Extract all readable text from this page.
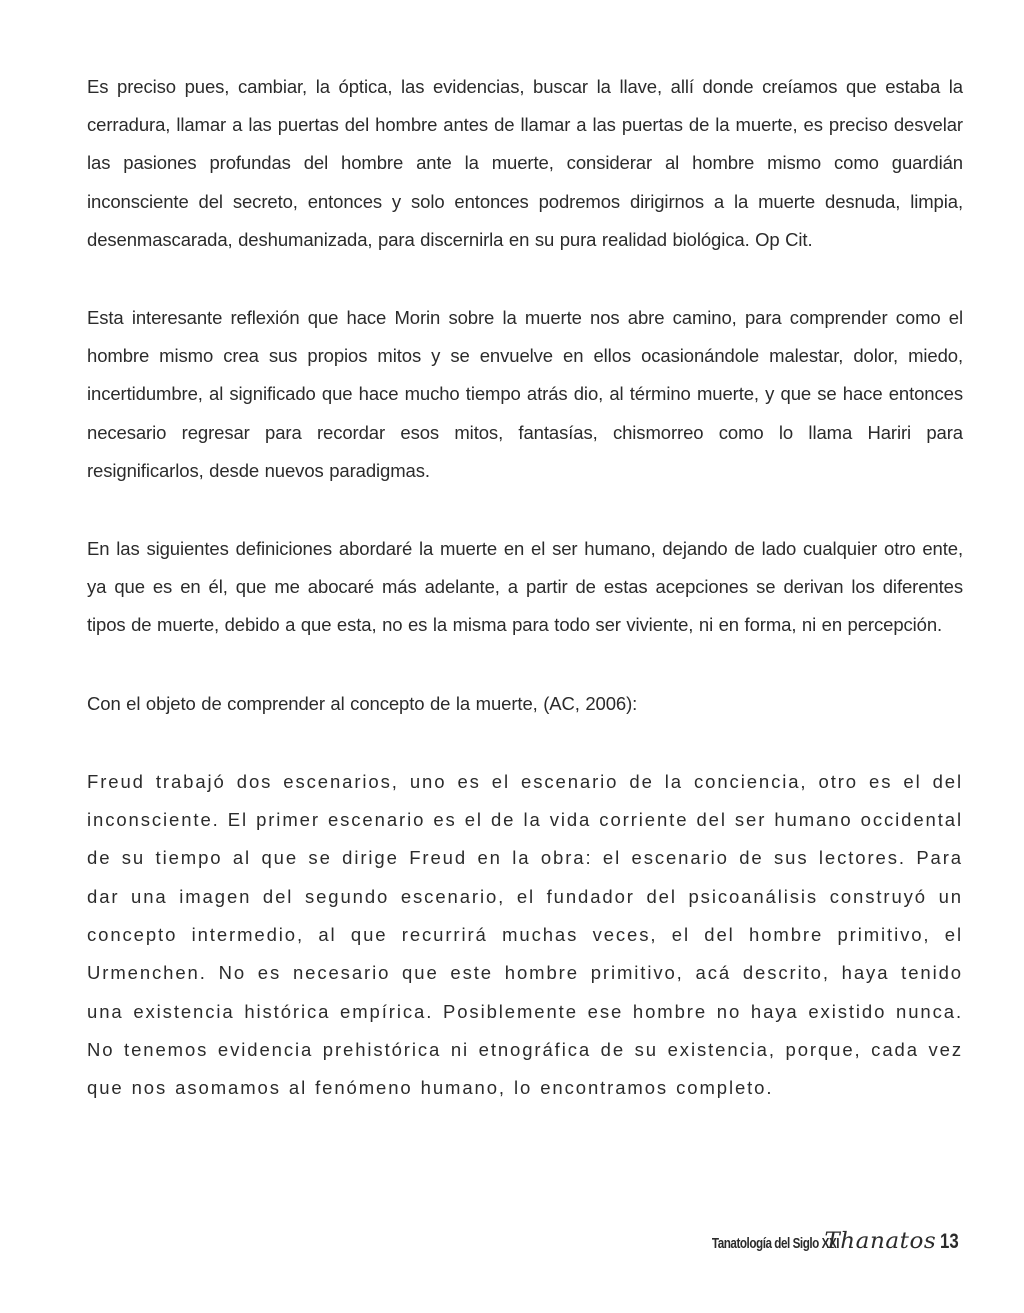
Es preciso pues, cambiar, la óptica, las evidencias, buscar la llave, allí donde creíamos que estaba la cerradura, llamar a las puertas del hombre antes de llamar a las puertas de la muerte, es preciso desvelar las pasiones profundas del hombre ante la muerte, considerar al hombre mismo como guardián inconsciente del secreto, entonces y solo entonces podremos dirigirnos a la muerte desnuda, limpia, desenmascarada, deshumanizada, para discernirla en su pura realidad biológica. Op Cit.

Esta interesante reflexión que hace Morin sobre la muerte nos abre camino, para comprender como el hombre mismo crea sus propios mitos y se envuelve en ellos ocasionándole malestar, dolor, miedo, incertidumbre, al significado que hace mucho tiempo atrás dio, al término muerte, y que se hace entonces necesario regresar para recordar esos mitos, fantasías, chismorreo como lo llama Hariri para resignificarlos, desde nuevos paradigmas.

En las siguientes definiciones abordaré la muerte en el ser humano, dejando de lado cualquier otro ente, ya que es en él, que me abocaré más adelante, a partir de estas acepciones se derivan los diferentes tipos de muerte, debido a que esta, no es la misma para todo ser viviente, ni en forma, ni en percepción.

Con el objeto de comprender al concepto de la muerte, (AC, 2006):

Freud trabajó dos escenarios, uno es el escenario de la conciencia, otro es el del inconsciente. El primer escenario es el de la vida corriente del ser humano occidental de su tiempo al que se dirige Freud en la obra: el escenario de sus lectores. Para dar una imagen del segundo escenario, el fundador del psicoanálisis construyó un concepto intermedio, al que recurrirá muchas veces, el del hombre primitivo, el Urmenchen. No es necesario que este hombre primitivo, acá descrito, haya tenido una existencia histórica empírica. Posiblemente ese hombre no haya existido nunca. No tenemos evidencia prehistórica ni etnográfica de su existencia, porque, cada vez que nos asomamos al fenómeno humano, lo encontramos completo.

Tanatología del Siglo XXI
Thanatos 13
